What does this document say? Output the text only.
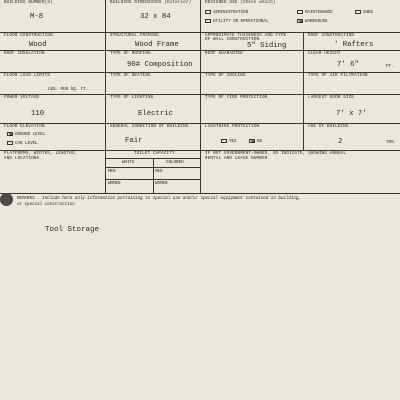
BUILDING NUMBER(S)
M-8
BUILDING DIMENSIONS (Exterior)
32 x 84
DESIGNED USE (Check which)
ADMINISTRATION	MAINTENANCE	SHED
UTILITY OR OPERATIONAL	WAREHOUSE
FLOOR CONSTRUCTION
Wood
STRUCTURAL FRAMING
Wood Frame
APPROXIMATE THICKNESS AND TYPE
OF WALL CONSTRUCTION
5" Siding
ROOF CONSTRUCTION
' Rafters
ROOF INSULATION	TYPE OF ROOFING
90# Composition
ROOF GUARANTEE	CLEAR HEIGHT
7' 6"	FT.
FLOOR LOAD LIMITS
LBS. PER SQ. FT.
TYPE OF HEATING	TYPE OF COOLING	TYPE OF AIR FILTRATION
POWER VOLTAGE
110
TYPE OF LIGHTING
Electric
TYPE OF FIRE PROTECTION	LARGEST DOOR SIZE
7' x 7'
FLOOR ELEVATION
GROUND LEVEL
CAR LEVEL
GENERAL CONDITION OF BUILDING
Fair
LIGHTNING PROTECTION
YES	NO
AGE OF BUILDING
2	YRS.
PLATFORMS, WIDTHS, LENGTHS,
AND LOCATIONS
TOILET CAPACITY
WHITE	COLORED
MEN	MEN
WOMEN	WOMEN
IF NOT GOVERNMENT-OWNED, SO INDICATE, SHOWING ANNUAL
RENTAL AND LEASE NUMBER
REMARKS - Include here only information pertaining to special use and/or special equipment contained in building,
or special construction
Tool Storage
